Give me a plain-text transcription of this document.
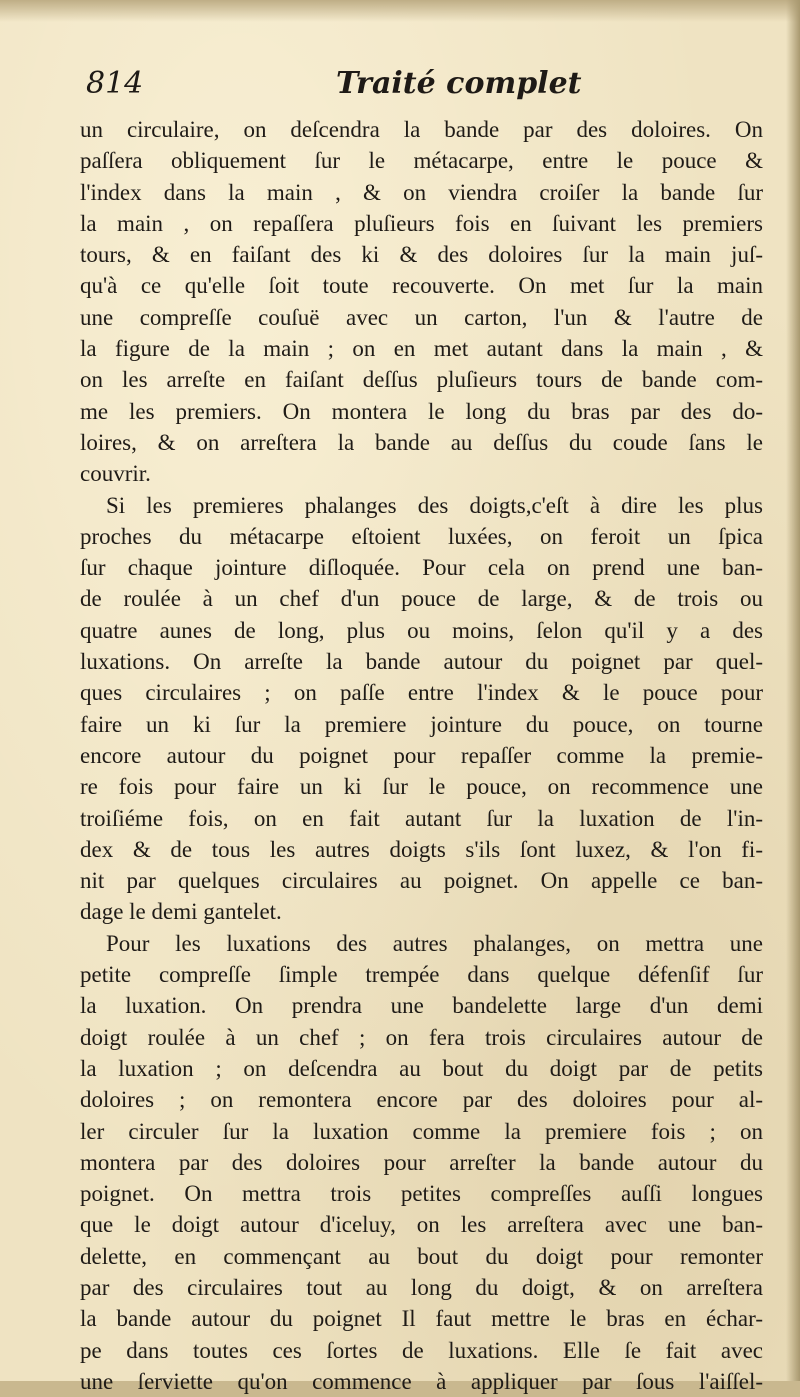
814	Traité complet
un circulaire, on deſcendra la bande par des doloires. On
paſſera obliquement ſur le métacarpe, entre le pouce &
l'index dans la main , & on viendra croiſer la bande ſur
la main , on repaſſera pluſieurs fois en ſuivant les premiers
tours, & en faiſant des ki & des doloires ſur la main juſ-
qu'à ce qu'elle ſoit toute recouverte. On met ſur la main
une compreſſe couſuë avec un carton, l'un & l'autre de
la figure de la main ; on en met autant dans la main , &
on les arreſte en faiſant deſſus pluſieurs tours de bande com-
me les premiers. On montera le long du bras par des do-
loires, & on arreſtera la bande au deſſus du coude ſans le
couvrir.
Si les premieres phalanges des doigts,c'eſt à dire les plus
proches du métacarpe eſtoient luxées, on feroit un ſpica
ſur chaque jointure diſloquée. Pour cela on prend une ban-
de roulée à un chef d'un pouce de large, & de trois ou
quatre aunes de long, plus ou moins, ſelon qu'il y a des
luxations. On arreſte la bande autour du poignet par quel-
ques circulaires ; on paſſe entre l'index & le pouce pour
faire un ki ſur la premiere jointure du pouce, on tourne
encore autour du poignet pour repaſſer comme la premie-
re fois pour faire un ki ſur le pouce, on recommence une
troiſiéme fois, on en fait autant ſur la luxation de l'in-
dex & de tous les autres doigts s'ils ſont luxez, & l'on fi-
nit par quelques circulaires au poignet. On appelle ce ban-
dage le demi gantelet.
Pour les luxations des autres phalanges, on mettra une
petite compreſſe ſimple trempée dans quelque défenſif ſur
la luxation. On prendra une bandelette large d'un demi
doigt roulée à un chef ; on fera trois circulaires autour de
la luxation ; on deſcendra au bout du doigt par de petits
doloires ; on remontera encore par des doloires pour al-
ler circuler ſur la luxation comme la premiere fois ; on
montera par des doloires pour arreſter la bande autour du
poignet. On mettra trois petites compreſſes auſſi longues
que le doigt autour d'iceluy, on les arreſtera avec une ban-
delette, en commençant au bout du doigt pour remonter
par des circulaires tout au long du doigt, & on arreſtera
la bande autour du poignet Il faut mettre le bras en échar-
pe dans toutes ces ſortes de luxations. Elle ſe fait avec
une ſerviette qu'on commence à appliquer par ſous l'aiſſel-
